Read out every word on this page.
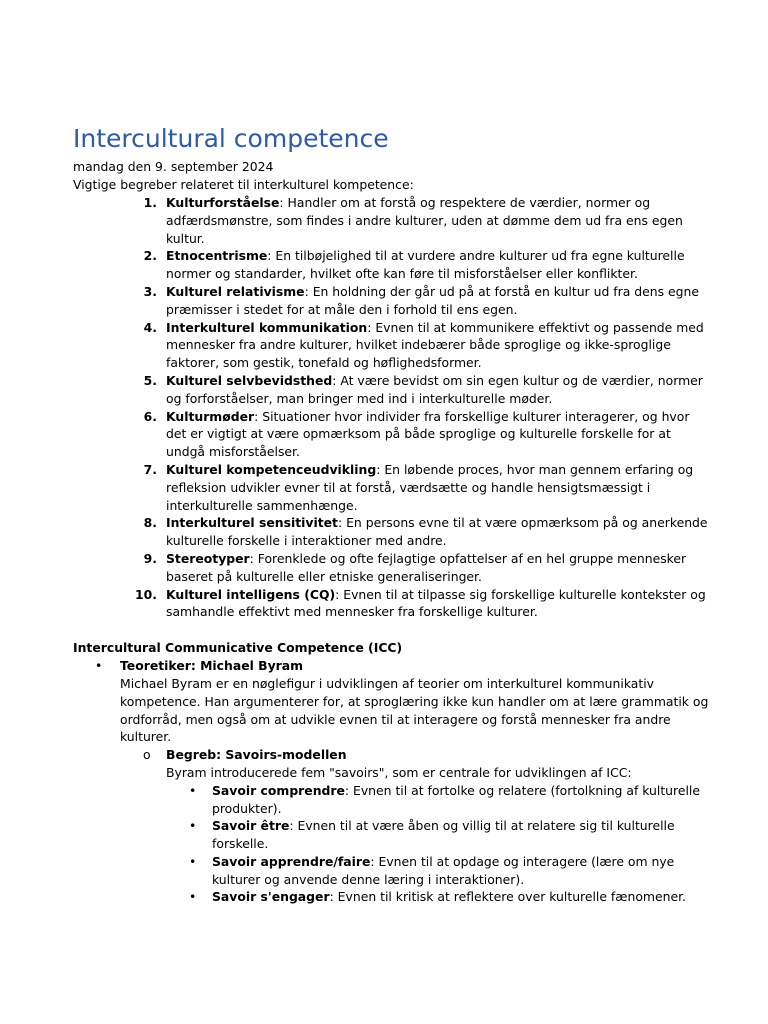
Intercultural competence

mandag den 9. september 2024

Vigtige begreber relateret til interkulturel kompetence:

1. Kulturforståelse: Handler om at forstå og respektere de værdier, normer og adfærdsmønstre, som findes i andre kulturer, uden at dømme dem ud fra ens egen kultur.
2. Etnocentrisme: En tilbøjelighed til at vurdere andre kulturer ud fra egne kulturelle normer og standarder, hvilket ofte kan føre til misforståelser eller konflikter.
3. Kulturel relativisme: En holdning der går ud på at forstå en kultur ud fra dens egne præmisser i stedet for at måle den i forhold til ens egen.
4. Interkulturel kommunikation: Evnen til at kommunikere effektivt og passende med mennesker fra andre kulturer, hvilket indebærer både sproglige og ikke-sproglige faktorer, som gestik, tonefald og høflighedsformer.
5. Kulturel selvbevidsthed: At være bevidst om sin egen kultur og de værdier, normer og forforståelser, man bringer med ind i interkulturelle møder.
6. Kulturmøder: Situationer hvor individer fra forskellige kulturer interagerer, og hvor det er vigtigt at være opmærksom på både sproglige og kulturelle forskelle for at undgå misforståelser.
7. Kulturel kompetenceudvikling: En løbende proces, hvor man gennem erfaring og refleksion udvikler evner til at forstå, værdsætte og handle hensigtsmæssigt i interkulturelle sammenhænge.
8. Interkulturel sensitivitet: En persons evne til at være opmærksom på og anerkende kulturelle forskelle i interaktioner med andre.
9. Stereotyper: Forenklede og ofte fejlagtige opfattelser af en hel gruppe mennesker baseret på kulturelle eller etniske generaliseringer.
10. Kulturel intelligens (CQ): Evnen til at tilpasse sig forskellige kulturelle kontekster og samhandle effektivt med mennesker fra forskellige kulturer.

Intercultural Communicative Competence (ICC)

• Teoretiker: Michael Byram
Michael Byram er en nøglefigur i udviklingen af teorier om interkulturel kommunikativ kompetence. Han argumenterer for, at sproglæring ikke kun handler om at lære grammatik og ordforråd, men også om at udvikle evnen til at interagere og forstå mennesker fra andre kulturer.
o Begreb: Savoirs-modellen
Byram introducerede fem "savoirs", som er centrale for udviklingen af ICC:
• Savoir comprendre: Evnen til at fortolke og relatere (fortolkning af kulturelle produkter).
• Savoir être: Evnen til at være åben og villig til at relatere sig til kulturelle forskelle.
• Savoir apprendre/faire: Evnen til at opdage og interagere (lære om nye kulturer og anvende denne læring i interaktioner).
• Savoir s'engager: Evnen til kritisk at reflektere over kulturelle fænomener.
